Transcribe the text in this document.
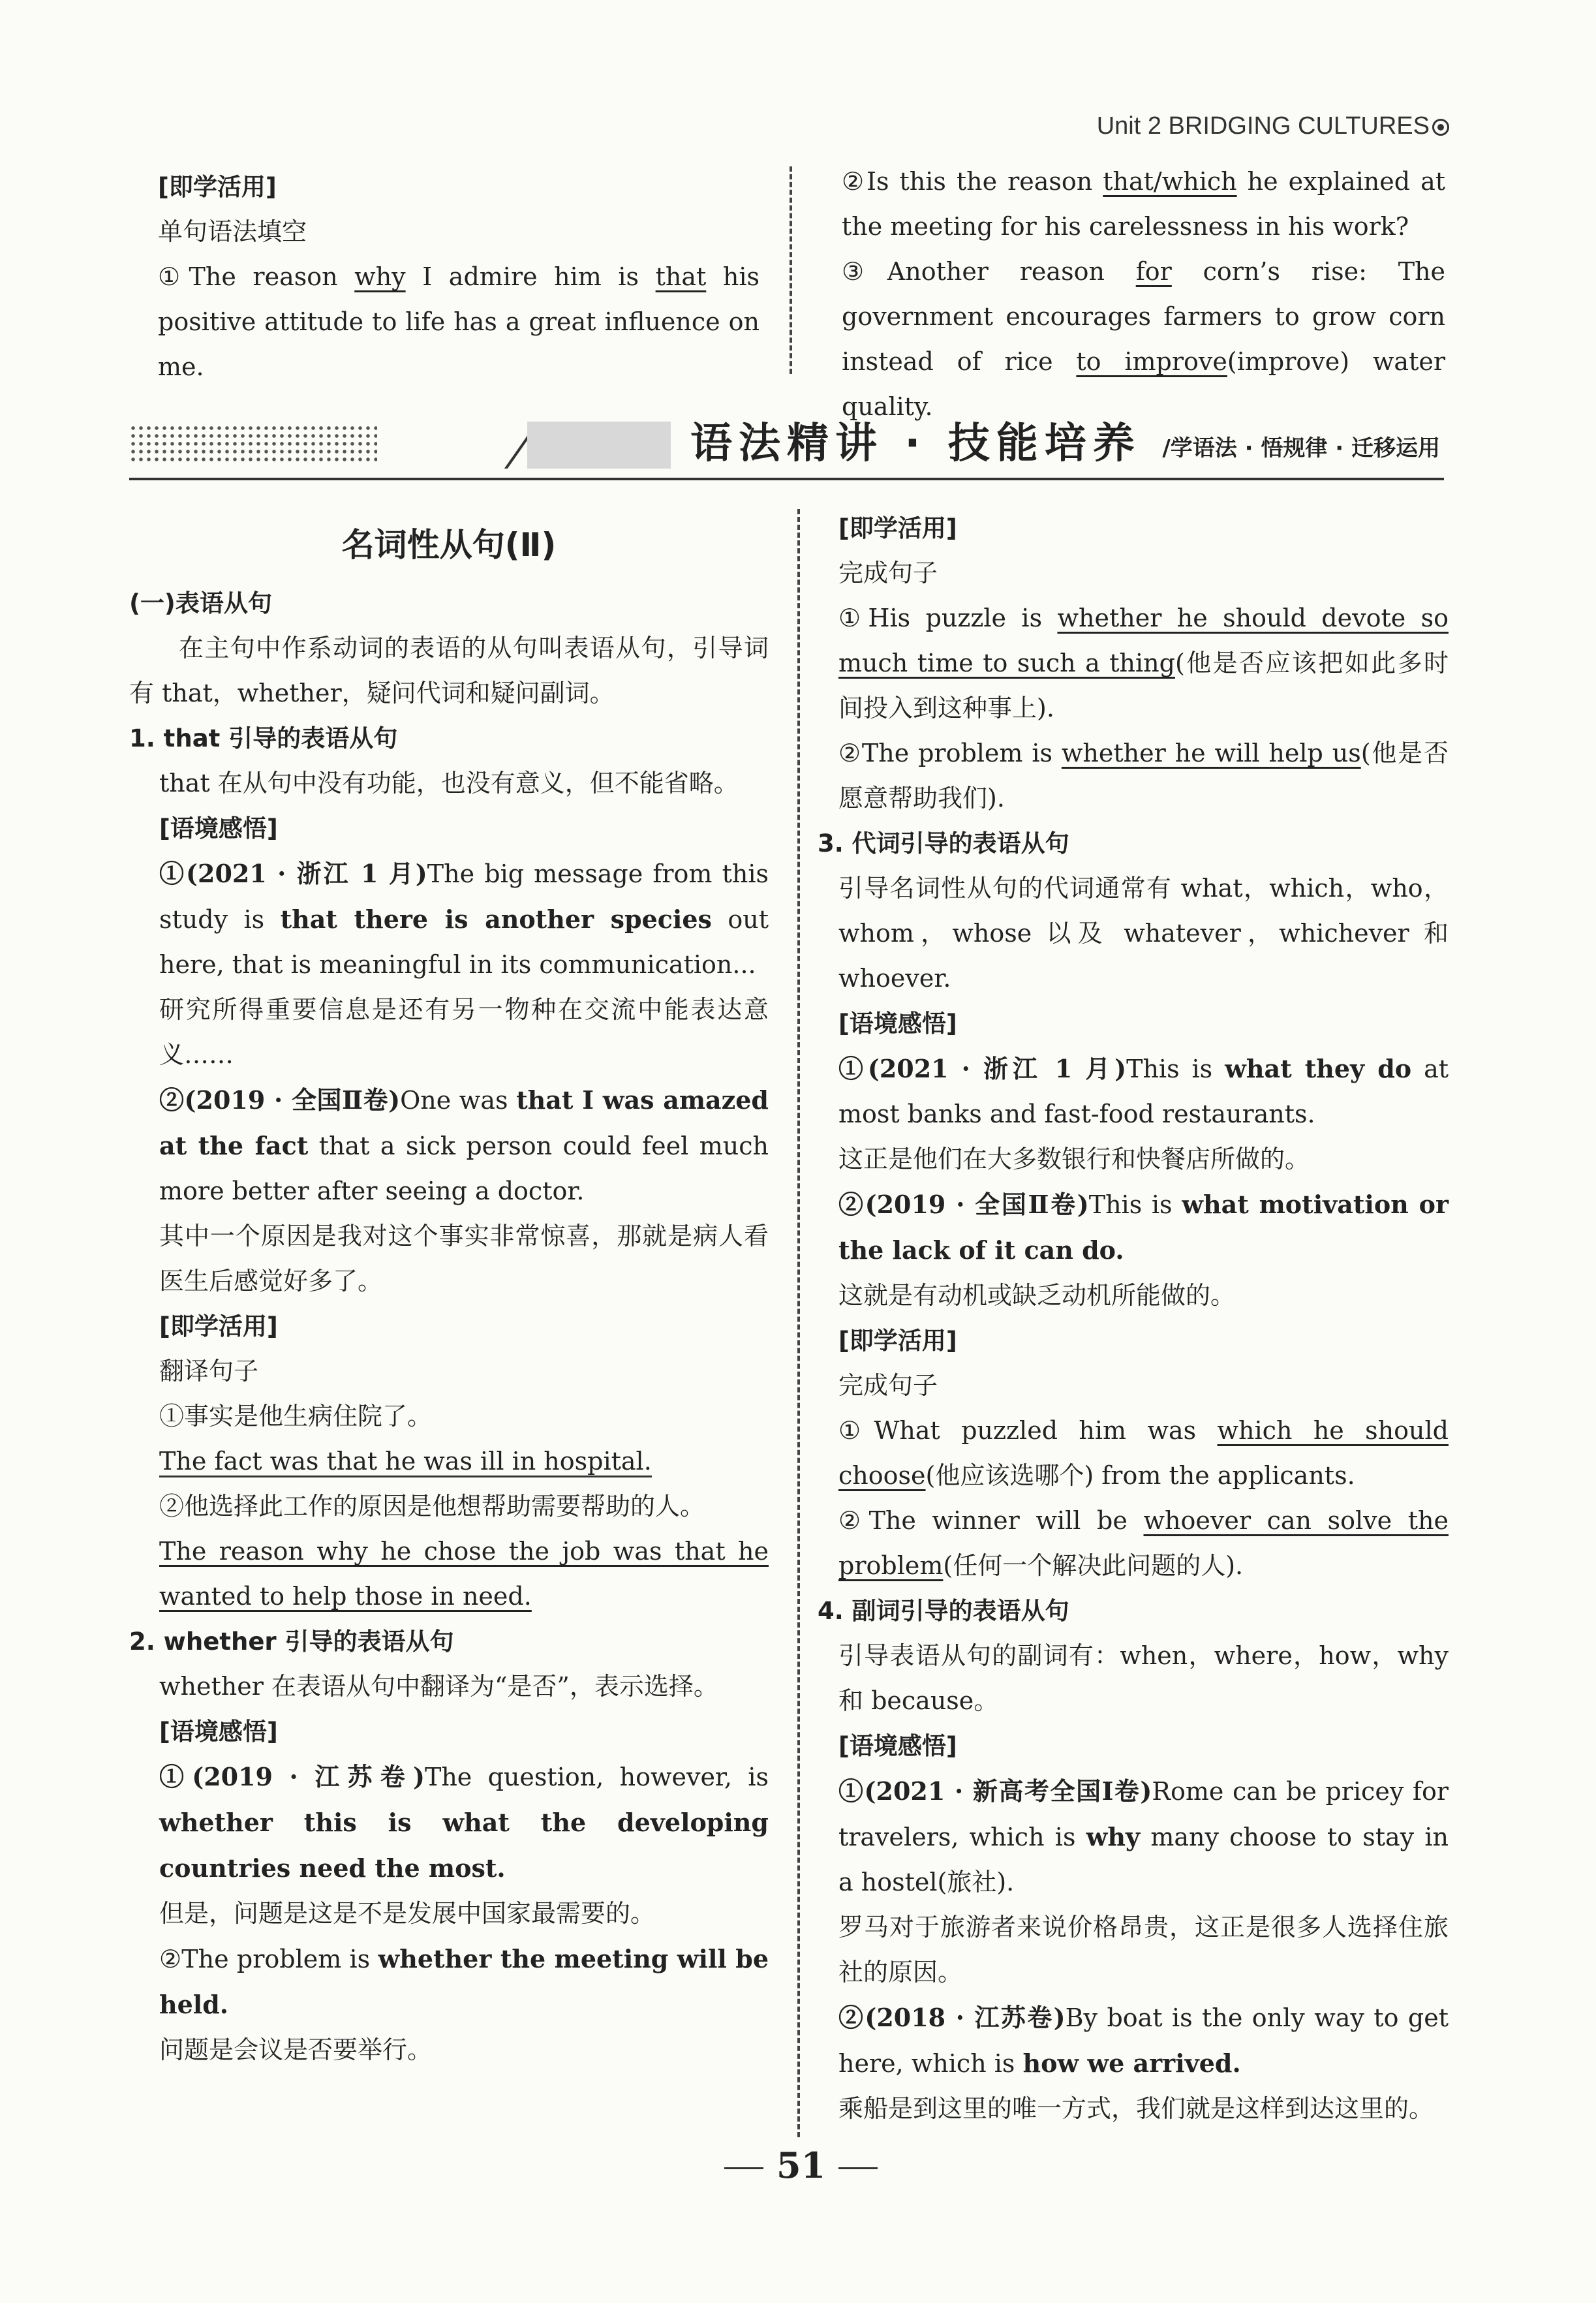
Unit 2 BRIDGING CULTURES
[即学活用]

单句语法填空

①The reason why I admire him is that his positive attitude to life has a great influence on me.

②Is this the reason that/which he explained at the meeting for his carelessness in his work?

③Another reason for corn’s rise: The government encourages farmers to grow corn instead of rice to improve(improve) water quality.

语法精讲 · 技能培养 /学语法 · 悟规律 · 迁移运用
名词性从句(Ⅱ)

(一)表语从句

在主句中作系动词的表语的从句叫表语从句，引导词有 that，whether，疑问代词和疑问副词。

1. that 引导的表语从句

that 在从句中没有功能，也没有意义，但不能省略。

[语境感悟]

①(2021 · 浙江 1 月)The big message from this study is that there is another species out here, that is meaningful in its communication...

研究所得重要信息是还有另一物种在交流中能表达意义……

②(2019 · 全国Ⅱ卷)One was that I was amazed at the fact that a sick person could feel much more better after seeing a doctor.

其中一个原因是我对这个事实非常惊喜，那就是病人看医生后感觉好多了。

[即学活用]

翻译句子

①事实是他生病住院了。

The fact was that he was ill in hospital.

②他选择此工作的原因是他想帮助需要帮助的人。

The reason why he chose the job was that he wanted to help those in need.

2. whether 引导的表语从句

whether 在表语从句中翻译为“是否”，表示选择。

[语境感悟]

①(2019 · 江苏卷)The question, however, is whether this is what the developing countries need the most.

但是，问题是这是不是发展中国家最需要的。

②The problem is whether the meeting will be held.

问题是会议是否要举行。

[即学活用]

完成句子

①His puzzle is whether he should devote so much time to such a thing(他是否应该把如此多时间投入到这种事上).

②The problem is whether he will help us(他是否愿意帮助我们).

3. 代词引导的表语从句

引导名词性从句的代词通常有 what，which，who，whom，whose 以及 whatever，whichever 和 whoever.

[语境感悟]

①(2021 · 浙江 1 月)This is what they do at most banks and fast-food restaurants.

这正是他们在大多数银行和快餐店所做的。

②(2019 · 全国Ⅱ卷)This is what motivation or the lack of it can do.

这就是有动机或缺乏动机所能做的。

[即学活用]

完成句子

①What puzzled him was which he should choose(他应该选哪个) from the applicants.

②The winner will be whoever can solve the problem(任何一个解决此问题的人).

4. 副词引导的表语从句

引导表语从句的副词有：when，where，how，why 和 because。

[语境感悟]

①(2021 · 新高考全国Ⅰ卷)Rome can be pricey for travelers, which is why many choose to stay in a hostel(旅社).

罗马对于旅游者来说价格昂贵，这正是很多人选择住旅社的原因。

②(2018 · 江苏卷)By boat is the only way to get here, which is how we arrived.

乘船是到这里的唯一方式，我们就是这样到达这里的。

51
